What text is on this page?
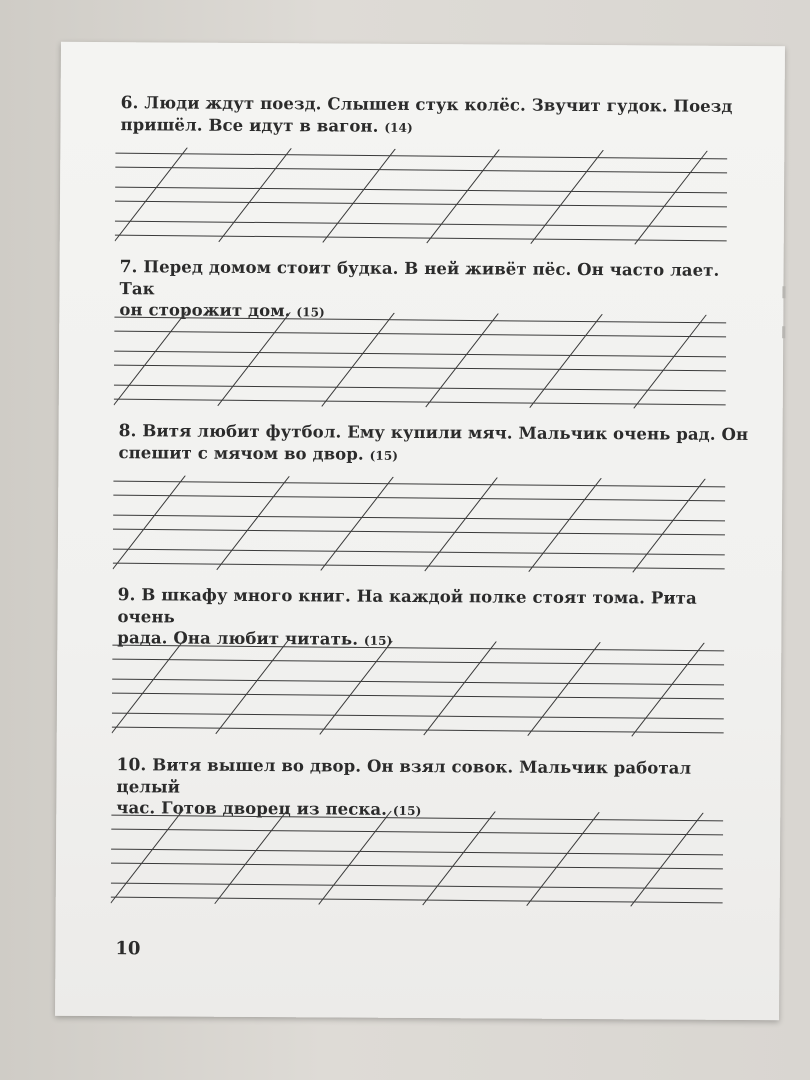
6. Люди ждут поезд. Слышен стук колёс. Звучит гудок. Поезд
пришёл. Все идут в вагон. (14)
7. Перед домом стоит будка. В ней живёт пёс. Он часто лает. Так
он сторожит дом. (15)
8. Витя любит футбол. Ему купили мяч. Мальчик очень рад. Он
спешит с мячом во двор. (15)
9. В шкафу много книг. На каждой полке стоят тома. Рита очень
рада. Она любит читать. (15)
10. Витя вышел во двор. Он взял совок. Мальчик работал целый
час. Готов дворец из песка. (15)
10
